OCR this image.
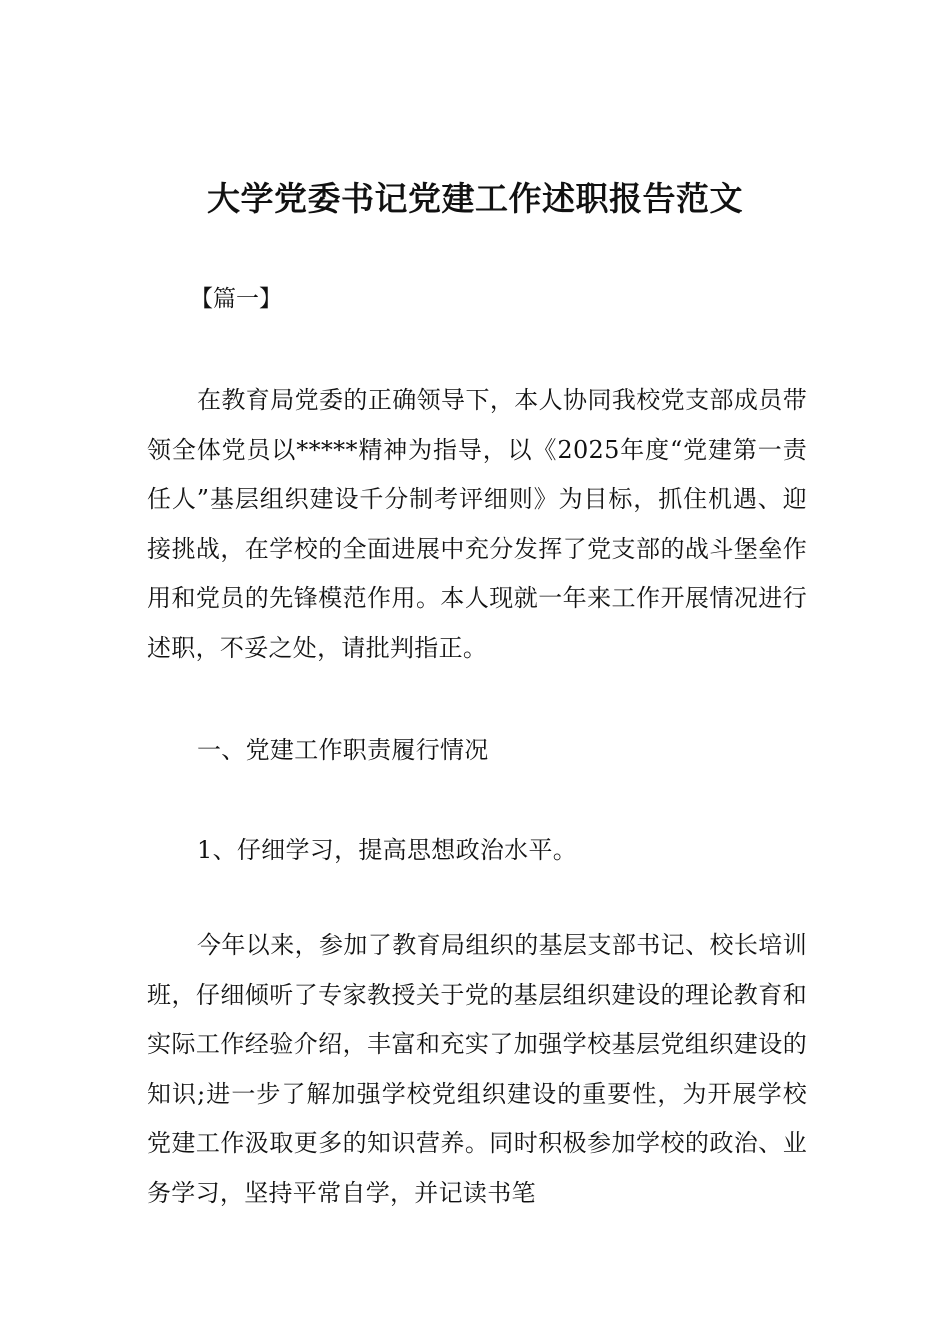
大学党委书记党建工作述职报告范文

【篇一】

在教育局党委的正确领导下，本人协同我校党支部成员带领全体党员以*****精神为指导，以《2025年度“党建第一责任人”基层组织建设千分制考评细则》为目标，抓住机遇、迎接挑战，在学校的全面进展中充分发挥了党支部的战斗堡垒作用和党员的先锋模范作用。本人现就一年来工作开展情况进行述职，不妥之处，请批判指正。

一、党建工作职责履行情况

1、仔细学习，提高思想政治水平。

今年以来，参加了教育局组织的基层支部书记、校长培训班，仔细倾听了专家教授关于党的基层组织建设的理论教育和实际工作经验介绍，丰富和充实了加强学校基层党组织建设的知识;进一步了解加强学校党组织建设的重要性，为开展学校党建工作汲取更多的知识营养。同时积极参加学校的政治、业务学习，坚持平常自学，并记读书笔
